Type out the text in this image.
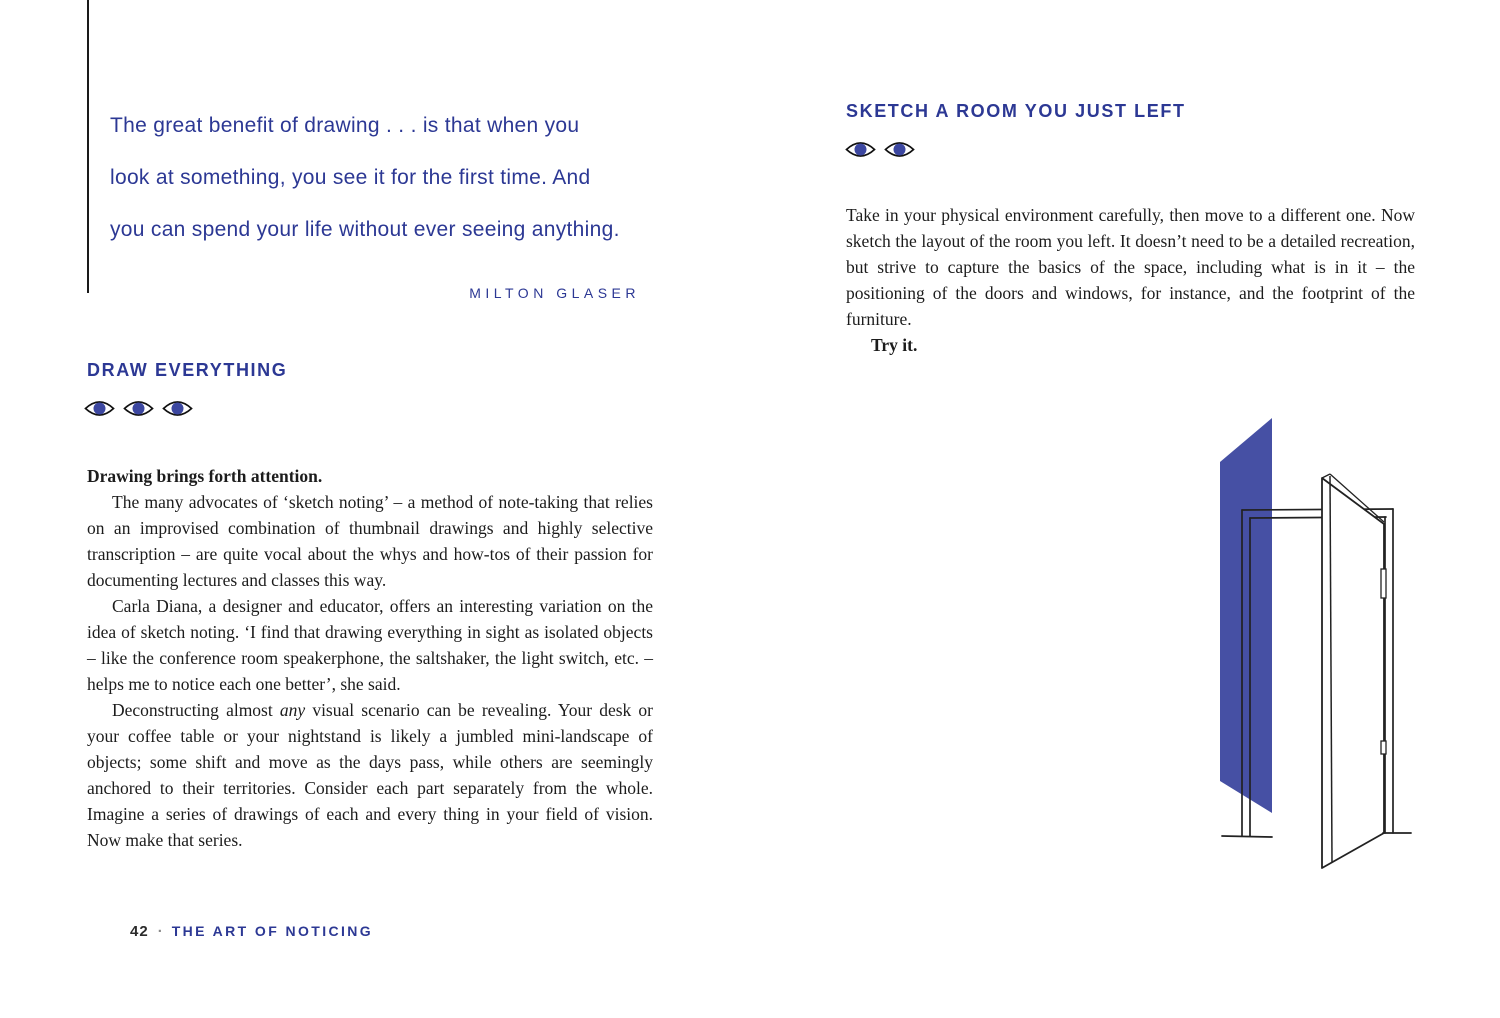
The great benefit of drawing . . . is that when you
look at something, you see it for the first time. And
you can spend your life without ever seeing anything.
MILTON GLASER
DRAW EVERYTHING

Drawing brings forth attention.

The many advocates of ‘sketch noting’ – a method of note-taking that relies on an improvised combination of thumbnail drawings and highly selective transcription – are quite vocal about the whys and how-tos of their passion for documenting lectures and classes this way.

Carla Diana, a designer and educator, offers an interesting variation on the idea of sketch noting. ‘I find that drawing everything in sight as isolated objects – like the conference room speakerphone, the saltshaker, the light switch, etc. – helps me to notice each one better’, she said.

Deconstructing almost any visual scenario can be revealing. Your desk or your coffee table or your nightstand is likely a jumbled mini-landscape of objects; some shift and move as the days pass, while others are seemingly anchored to their territories. Consider each part separately from the whole. Imagine a series of drawings of each and every thing in your field of vision. Now make that series.

42 · THE ART OF NOTICING
SKETCH A ROOM YOU JUST LEFT

Take in your physical environment carefully, then move to a different one. Now sketch the layout of the room you left. It doesn’t need to be a detailed recreation, but strive to capture the basics of the space, including what is in it – the positioning of the doors and windows, for instance, and the footprint of the furniture.

Try it.
